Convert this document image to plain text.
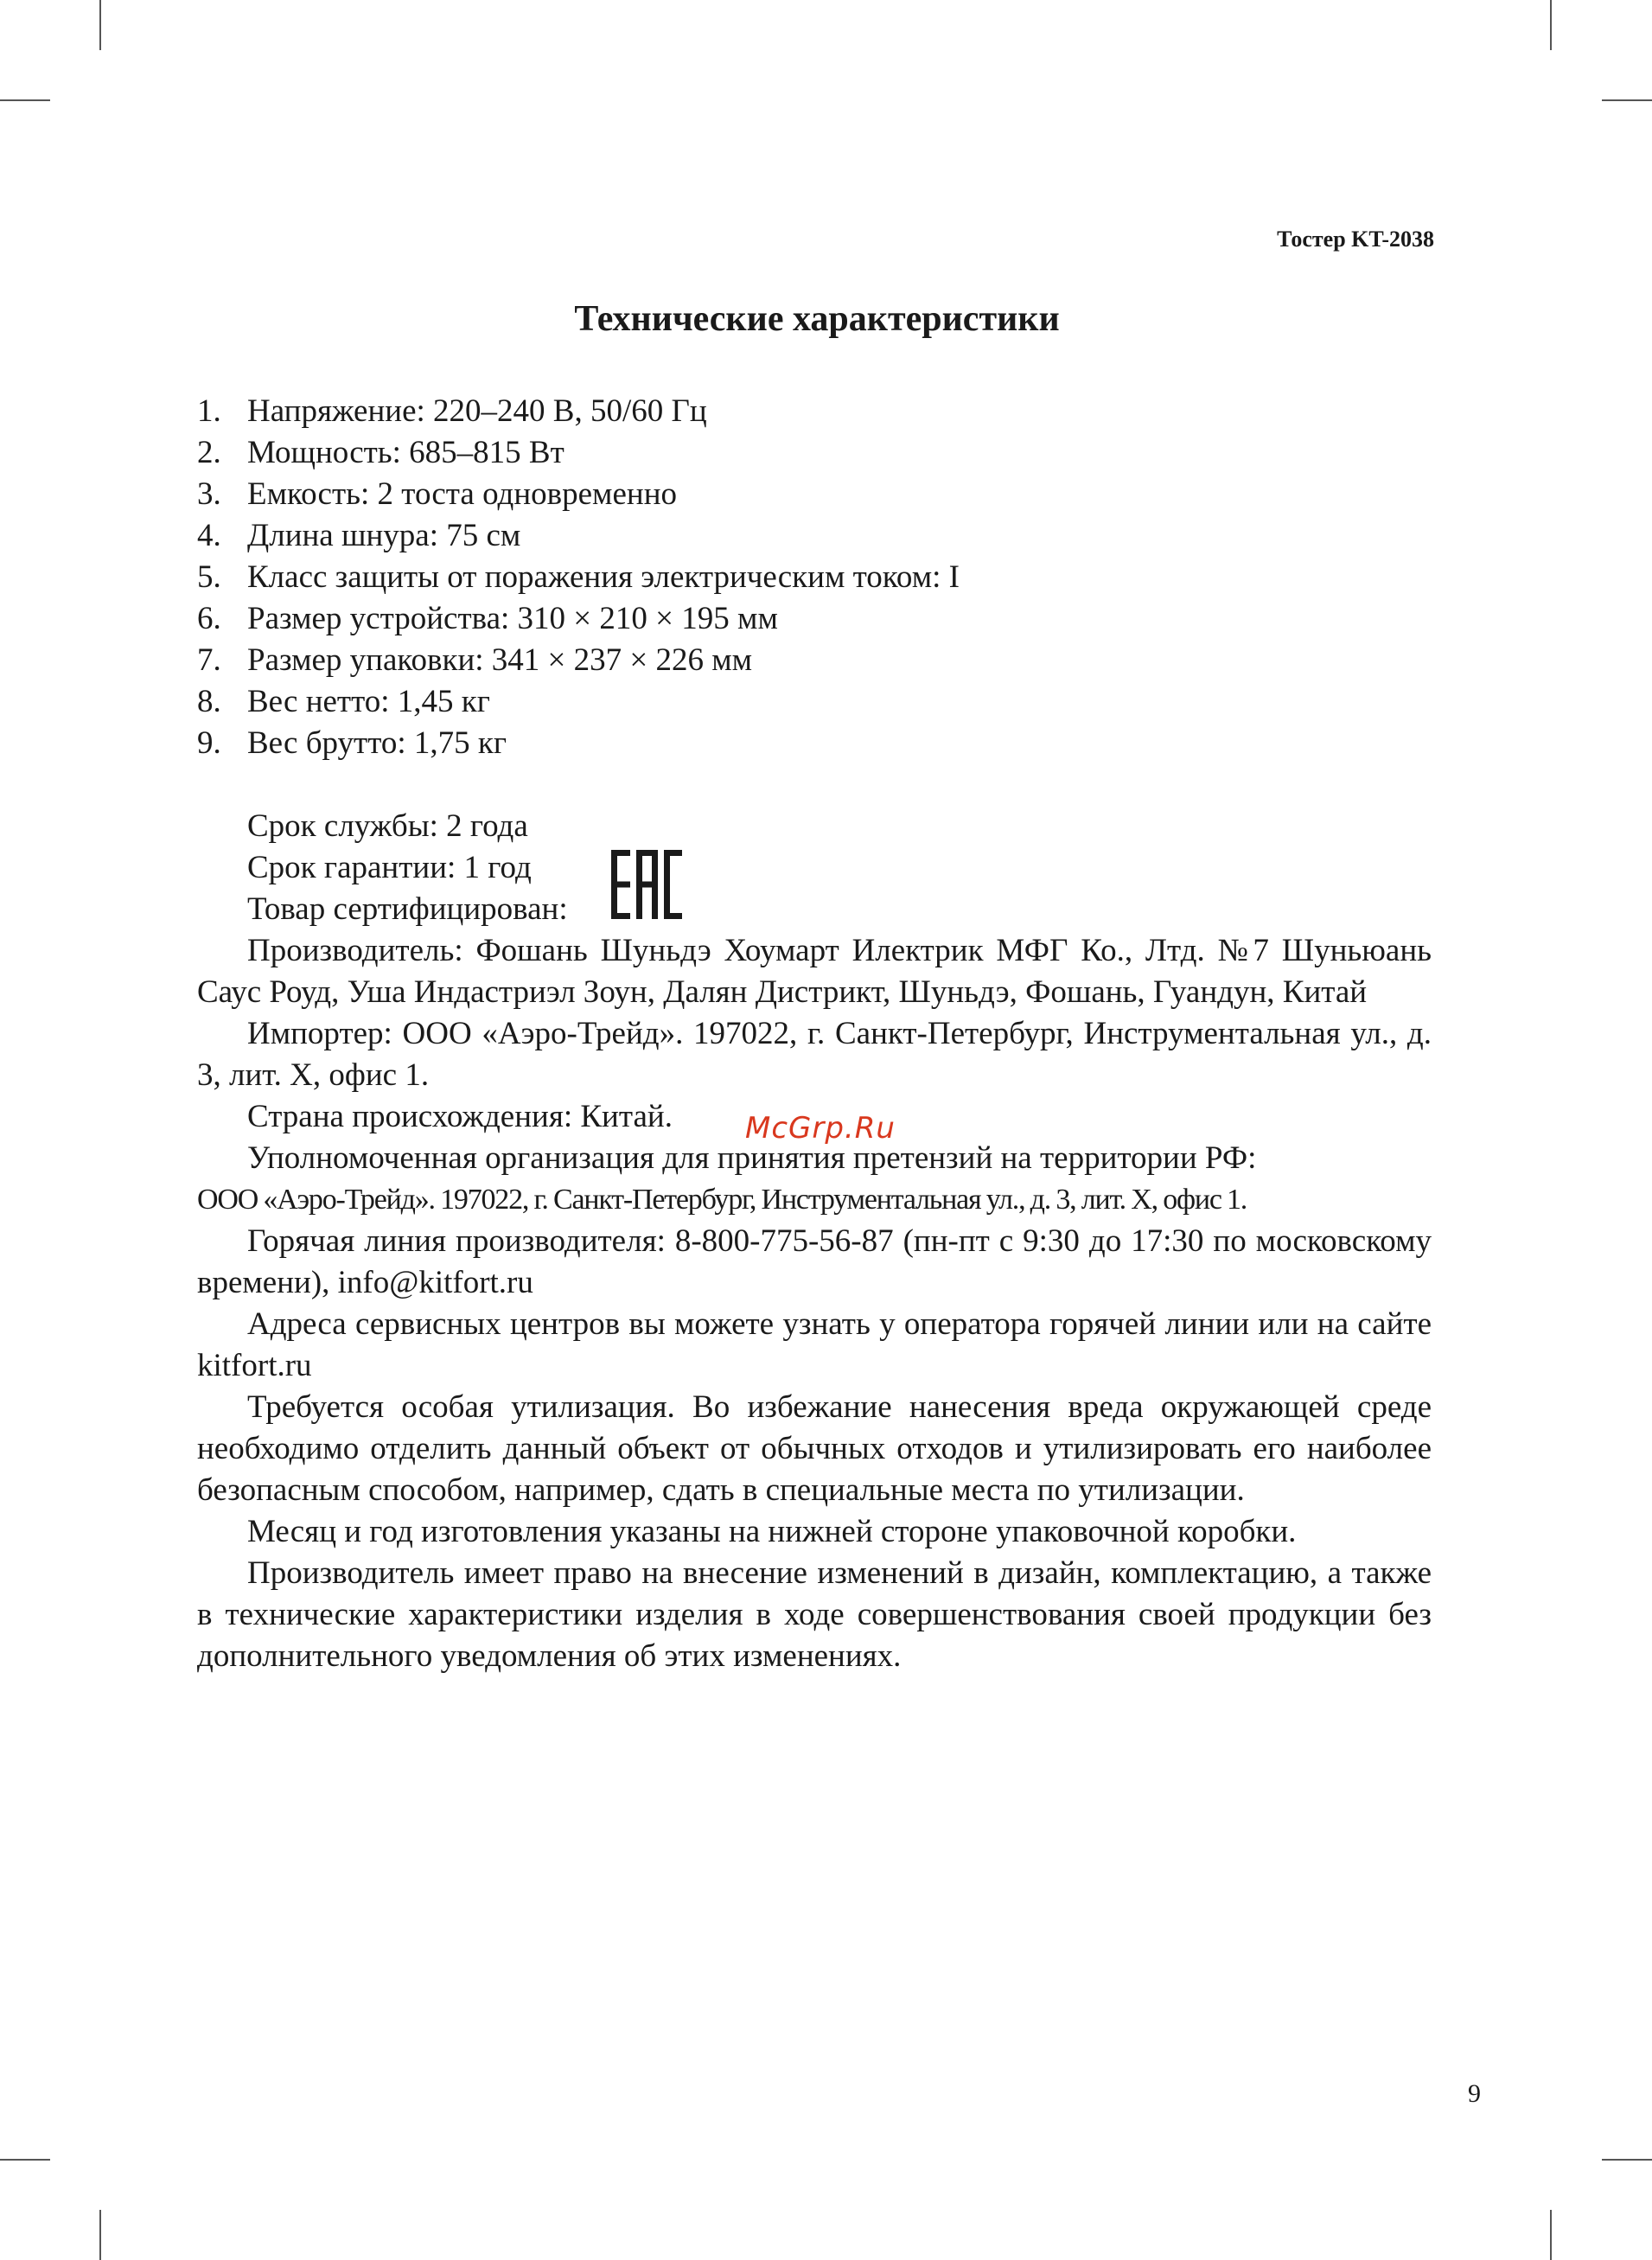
Тостер KT-2038
Технические характеристики
1. Напряжение: 220–240 В, 50/60 Гц
2. Мощность: 685–815 Вт
3. Емкость: 2 тоста одновременно
4. Длина шнура: 75 см
5. Класс защиты от поражения электрическим током: I
6. Размер устройства: 310 × 210 × 195 мм
7. Размер упаковки: 341 × 237 × 226 мм
8. Вес нетто: 1,45 кг
9. Вес брутто: 1,75 кг

Срок службы: 2 года

Срок гарантии: 1 год

Товар сертифицирован:

Производитель: Фошань Шуньдэ Хоумарт Илектрик МФГ Ко., Лтд. №7 Шуньюань Саус Роуд, Уша Индастриэл Зоун, Далян Дистрикт, Шуньдэ, Фошань, Гуандун, Китай

Импортер: ООО «Аэро-Трейд». 197022, г. Санкт-Петербург, Инструментальная ул., д. 3, лит. Х, офис 1.

Страна происхождения: Китай.

Уполномоченная организация для принятия претензий на территории РФ:

ООО «Аэро-Трейд». 197022, г. Санкт-Петербург, Инструментальная ул., д. 3, лит. Х, офис 1.

Горячая линия производителя: 8-800-775-56-87 (пн-пт с 9:30 до 17:30 по московскому времени), info@kitfort.ru

Адреса сервисных центров вы можете узнать у оператора горячей линии или на сайте kitfort.ru

Требуется особая утилизация. Во избежание нанесения вреда окружающей среде необходимо отделить данный объект от обычных отходов и утилизировать его наиболее безопасным способом, например, сдать в специальные места по утилизации.

Месяц и год изготовления указаны на нижней стороне упаковочной коробки.

Производитель имеет право на внесение изменений в дизайн, комплектацию, а также в технические характеристики изделия в ходе совершенствования своей продукции без дополнительного уведомления об этих изменениях.

McGrp.Ru
9
